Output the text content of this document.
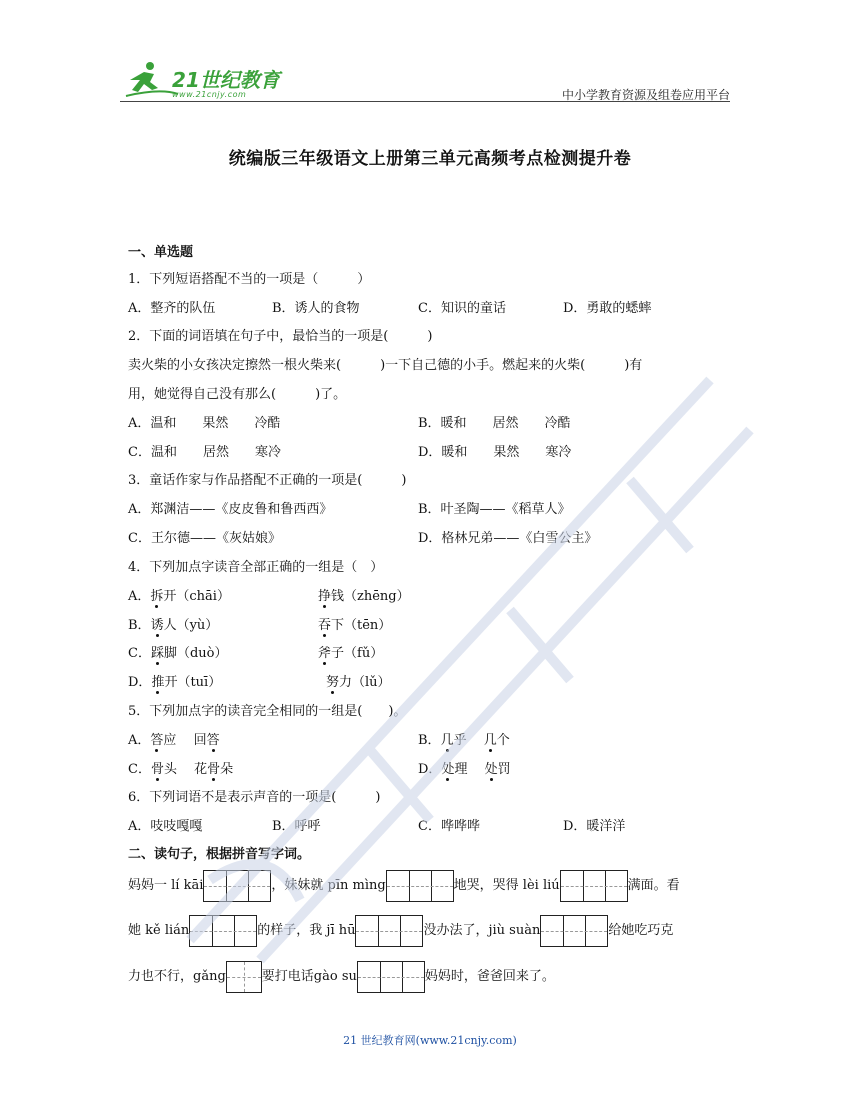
21世纪教育
www.21cnjy.com	中小学教育资源及组卷应用平台
统编版三年级语文上册第三单元高频考点检测提升卷
一、单选题
1．下列短语搭配不当的一项是（　　　）
A．整齐的队伍	B．诱人的食物	C．知识的童话	D．勇敢的蟋蟀
2．下面的词语填在句子中，最恰当的一项是(　　　)
卖火柴的小女孩决定擦然一根火柴来(　　　)一下自己德的小手。燃起来的火柴(　　　)有
用，她觉得自己没有那么(　　　)了。
A．温和　　果然　　冷酷	B．暖和　　居然　　冷酷
C．温和　　居然　　寒冷	D．暖和　　果然　　寒冷
3．童话作家与作品搭配不正确的一项是(　　　)
A．郑渊洁——《皮皮鲁和鲁西西》	B．叶圣陶——《稻草人》
C．王尔德——《灰姑娘》	D．格林兄弟——《白雪公主》
4．下列加点字读音全部正确的一组是（　）
A．拆开（chāi）	挣钱（zhēng）
B．诱人（yù）	吞下（tēn）
C．踩脚（duò）	斧子（fǔ）
D．推开（tuī）	努力（lǔ）
5．下列加点字的读音完全相同的一组是(　　)。
A．答应　 回答	B．几乎　 几个
C．骨头　 花骨朵	D．处理　 处罚
6．下列词语不是表示声音的一项是(　　　)
A．吱吱嘎嘎	B．呼呼	C．哗哗哗	D．暖洋洋
二、读句子，根据拼音写字词。
妈妈一 lí kāi	，妹妹就 pīn mìng	地哭，哭得 lèi liú	满面。看
她 kě lián	的样子，我 jī hū	没办法了，jiù suàn	给她吃巧克
力也不行，gǎng	要打电话gào su	妈妈时，爸爸回来了。
21 世纪教育网(www.21cnjy.com)
